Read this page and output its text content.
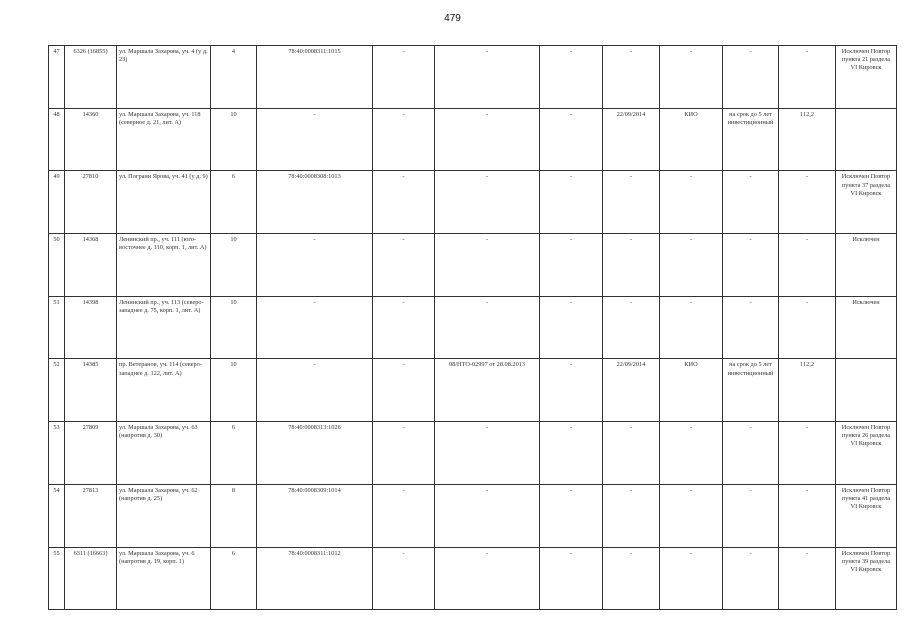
479
47	6326 (16855)	ул. Маршала Захарова, уч. 4 (у д. 23)	4	78:40:0008311:1015	-	-	-	-	-	-	-	Исключен Повтор пункта 21 раздела VI Кировск
48	14360	ул. Маршала Захарова, уч. 118 (северное д. 21, лит. А)	10	-	-	-	-	22/09/2014	КИО	на срок до 5 лет инвестиционный	112,2	
49	27810	ул. Пограни Ярова, уч. 41 (у д. 9)	6	78:40:0008308:1013	-	-	-	-	-	-	-	Исключен Повтор пункта 37 раздела VI Кировск
50	14368	Ленинский пр., уч. 111 (юго-восточнее д. 110, корп. 1, лит. А)	10	-	-	-	-	-	-	-	-	Исключен
51	14398	Ленинский пр., уч. 113 (северо-западнее д. 75, корп. 1, лит. А)	10	-	-	-	-	-	-	-	-	Исключен
52	14385	пр. Ветеранов, уч. 114 (северо-западнее д. 122, лит. А)	10	-	-	08/НТО-02997 от 28.08.2013	-	22/09/2014	КИО	на срок до 5 лет инвестиционный	112,2	
53	27809	ул. Маршала Захарова, уч. 63 (напротив д. 30)	6	78:40:0008313:1026	-	-	-	-	-	-	-	Исключен Повтор пункта 26 раздела VI Кировск
54	27813	ул. Маршала Захарова, уч. 62 (напротив д. 25)	8	78:40:0008309:1014	-	-	-	-	-	-	-	Исключен Повтор пункта 41 раздела VI Кировск
55	6311 (16663)	ул. Маршала Захарова, уч. 6 (напротив д. 19, корп. 1)	6	78:40:0008311:1012	-	-	-	-	-	-	-	Исключен Повтор пункта 39 раздела VI Кировск
